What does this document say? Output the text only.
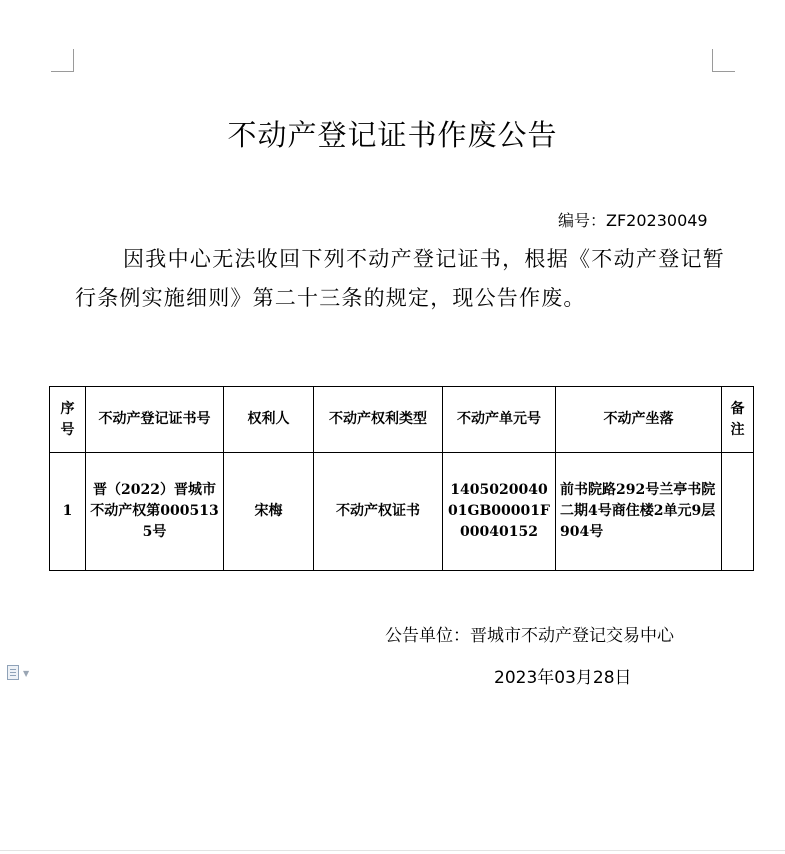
不动产登记证书作废公告
编号：ZF20230049
因我中心无法收回下列不动产登记证书，根据《不动产登记暂行条例实施细则》第二十三条的规定，现公告作废。
序号	不动产登记证书号	权利人	不动产权利类型	不动产单元号	不动产坐落	备注
1	晋（2022）晋城市不动产权第0005135号	宋梅	不动产权证书	140502004001GB00001F00040152	前书院路292号兰亭书院二期4号商住楼2单元9层904号	
公告单位：晋城市不动产登记交易中心
2023年03月28日
▼
